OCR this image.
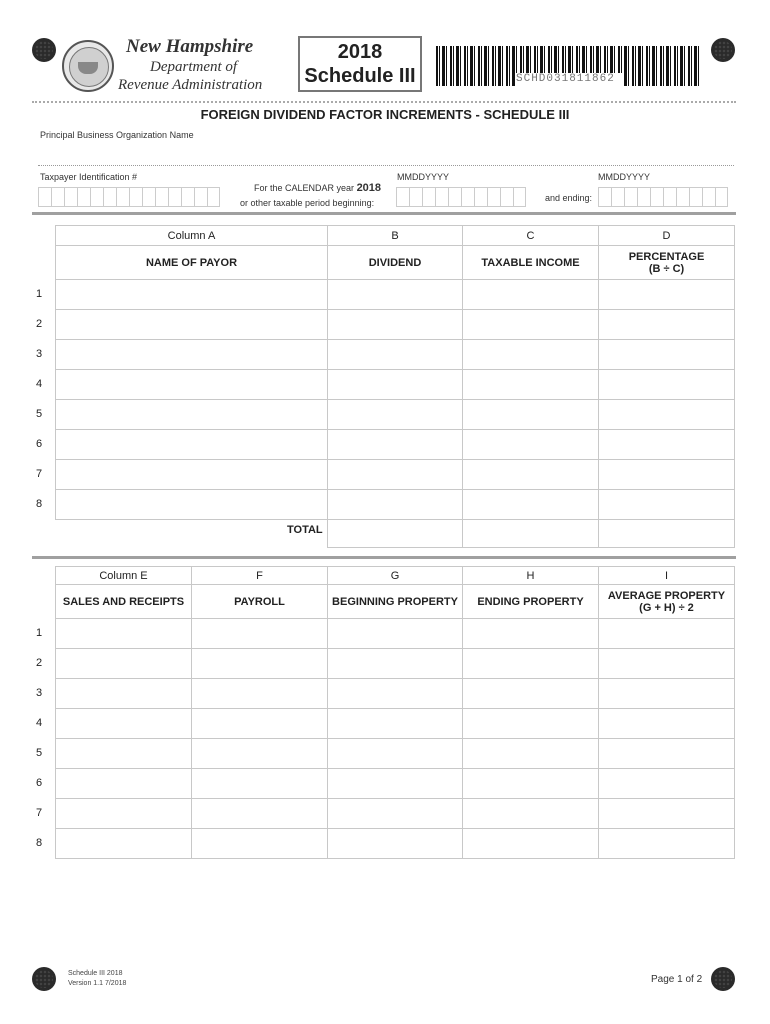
New Hampshire
Department of
Revenue Administration
2018
Schedule III	SCHD031811862
FOREIGN DIVIDEND FACTOR INCREMENTS - SCHEDULE III
Principal Business Organization Name
Taxpayer Identification #	MMDDYYYY	MMDDYYYY
For the CALENDAR year 2018
or other taxable period beginning:	and ending:
Column A	B	C	D
NAME OF PAYOR	DIVIDEND	TAXABLE INCOME	PERCENTAGE
(B ÷ C)

TOTAL
1
2
3
4
5
6
7
8
Column E	F	G	H	I
SALES AND RECEIPTS	PAYROLL	BEGINNING PROPERTY	ENDING PROPERTY	AVERAGE PROPERTY
(G + H) ÷ 2

1
2
3
4
5
6
7
8
Schedule III 2018
Version 1.1 7/2018	Page 1 of 2
